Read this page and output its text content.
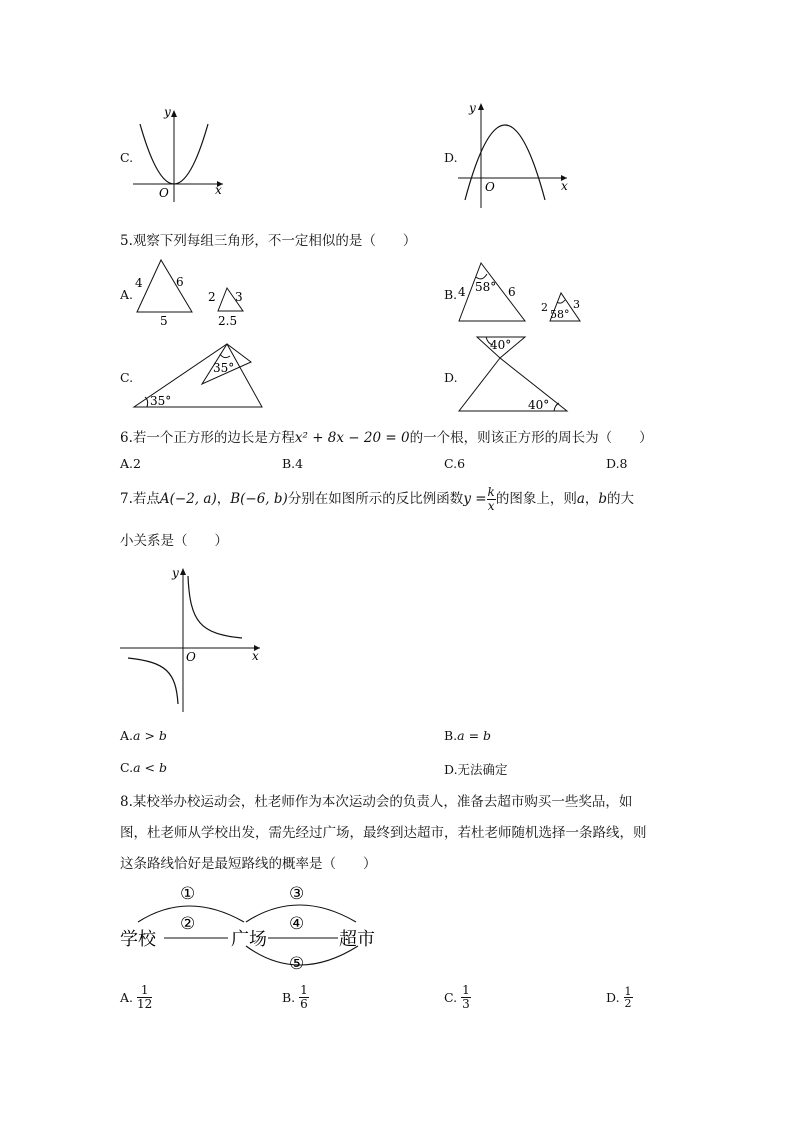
C.
y
x
O
D.
y
x
O
5.观察下列每组三角形，不一定相似的是（　　）
A.
4	6
5
2 3
2.5
B. 4 58° 6
2
58°
3
C.
35°
35°
D.
40°
40°
6.若一个正方形的边长是方程x² + 8x − 20 = 0的一个根，则该正方形的周长为（　　）
A.2	B.4	C.6	D.8
7.若点A(−2, a)，B(−6, b)分别在如图所示的反比例函数$y = \frac{k}{x}$ 的图象上，则a，b的大
小关系是（　　）
y
x
O
A.a > b	B.a = b
C.a < b	D.无法确定
8.某校举办校运动会，杜老师作为本次运动会的负责人，准备去超市购买一些奖品，如
图，杜老师从学校出发，需先经过广场，最终到达超市，若杜老师随机选择一条路线，则
这条路线恰好是最短路线的概率是（　　）
学校	广场	超市
①
②
③
④
⑤
A. $\frac{1}{12}$	B. $\frac{1}{6}$	C. $\frac{1}{3}$	D. $\frac{1}{2}$
